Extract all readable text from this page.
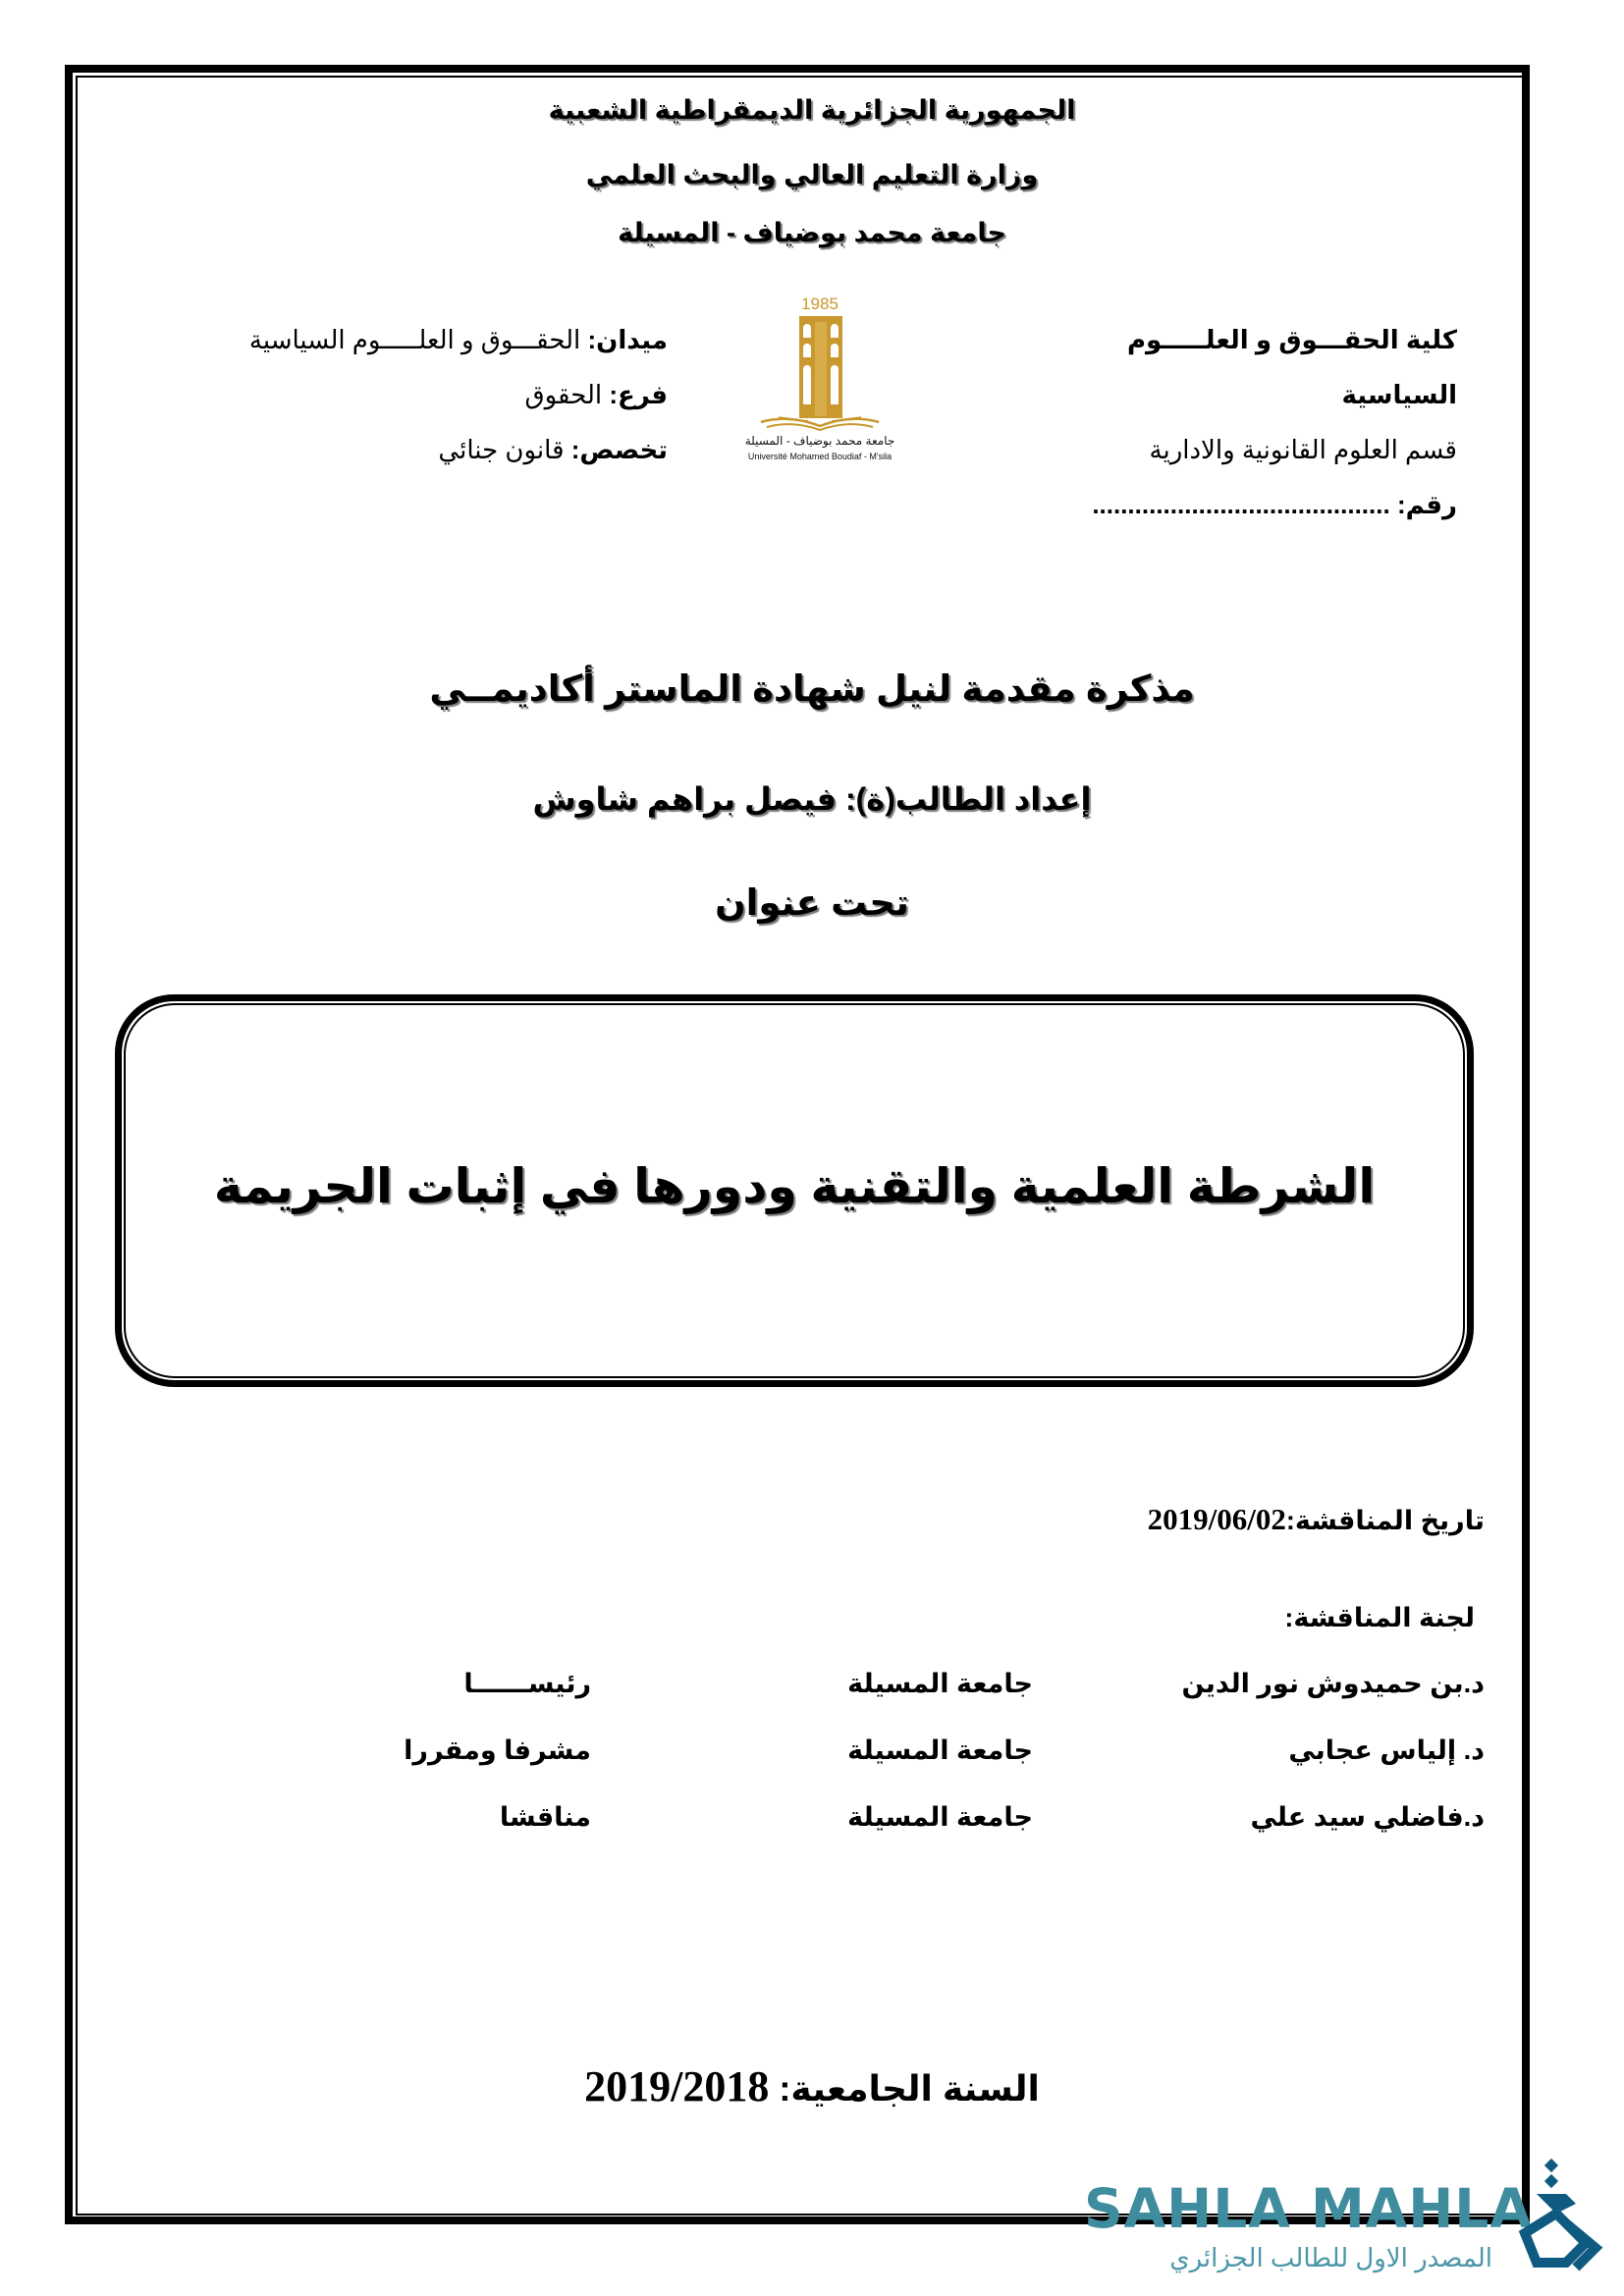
الجمهورية الجزائرية الديمقراطية الشعبية
وزارة التعليم العالي والبحث العلمي
جامعة محمد بوضياف - المسيلة
كلية الحقـــوق و العلـــــوم السياسية
قسم العلوم القانونية والادارية
رقم: ..........................................
ميدان: الحقـــوق و العلـــــوم السياسية
فرع: الحقوق
تخصص: قانون جنائي
1985
جامعة محمد بوضياف - المسيلة
Université Mohamed Boudiaf - M'sila
مذكرة مقدمة لنيل شهادة الماستر أكاديمــي
إعداد الطالب(ة): فيصل براهم شاوش
تحت عنوان
الشرطة العلمية والتقنية ودورها في إثبات الجريمة
تاريخ المناقشة:2019/06/02
لجنة المناقشة:
د.بن حميدوش نور الدين
جامعة المسيلة
رئيســــــا
د. إلياس عجابي
جامعة المسيلة
مشرفا ومقررا
د.فاضلي سيد علي
جامعة المسيلة
مناقشا
السنة الجامعية: 2019/2018
SAHLA MAHLA
المصدر الاول للطالب الجزائري
